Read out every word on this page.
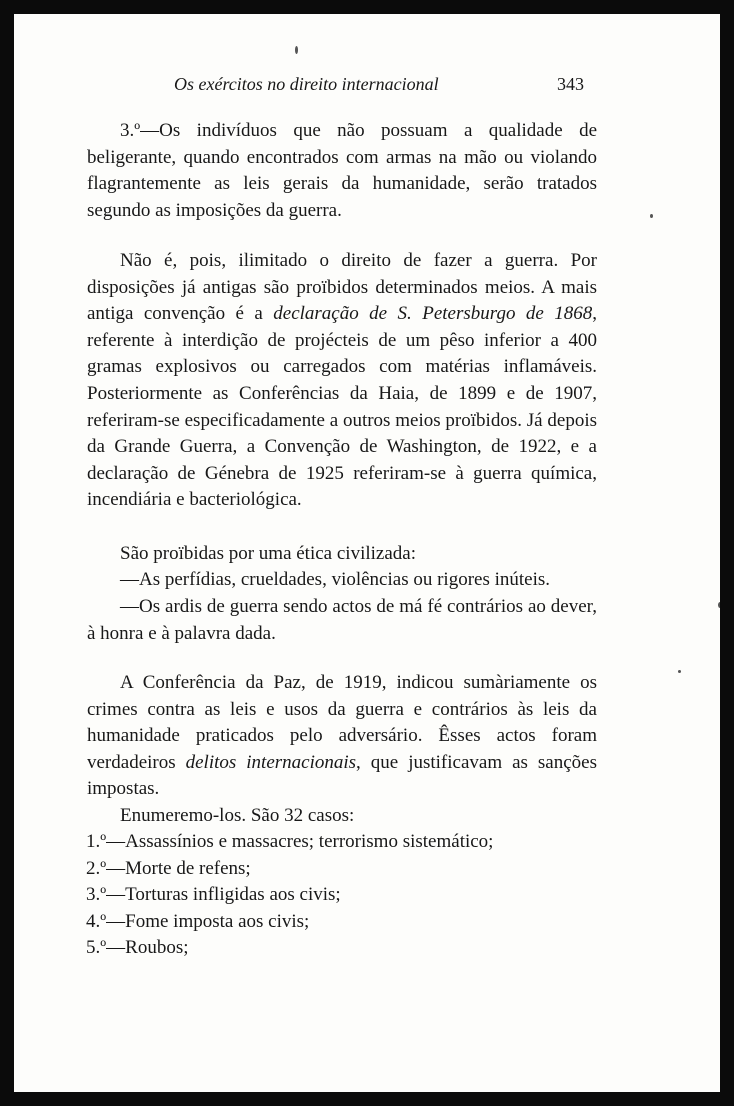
Os exércitos no direito internacional	343

3.º—Os indivíduos que não possuam a qualidade de beligerante, quando encontrados com armas na mão ou violando flagrantemente as leis gerais da humanidade, serão tratados segundo as imposições da guerra.

Não é, pois, ilimitado o direito de fazer a guerra. Por disposições já antigas são proïbidos determinados meios. A mais antiga convenção é a declaração de S. Petersburgo de 1868, referente à interdição de projécteis de um pêso inferior a 400 gramas explosivos ou carregados com matérias inflamáveis. Posteriormente as Conferências da Haia, de 1899 e de 1907, referiram-se especificadamente a outros meios proïbidos. Já depois da Grande Guerra, a Convenção de Washington, de 1922, e a declaração de Génebra de 1925 referiram-se à guerra química, incendiária e bacteriológica.

São proïbidas por uma ética civilizada:

—As perfídias, crueldades, violências ou rigores inúteis.

—Os ardis de guerra sendo actos de má fé contrários ao dever, à honra e à palavra dada.

A Conferência da Paz, de 1919, indicou sumàriamente os crimes contra as leis e usos da guerra e contrários às leis da humanidade praticados pelo adversário. Êsses actos foram verdadeiros delitos internacionais, que justificavam as sanções impostas.

Enumeremo-los. São 32 casos:

1.º—Assassínios e massacres; terrorismo sistemático;
2.º—Morte de refens;
3.º—Torturas infligidas aos civis;
4.º—Fome imposta aos civis;
5.º—Roubos;
